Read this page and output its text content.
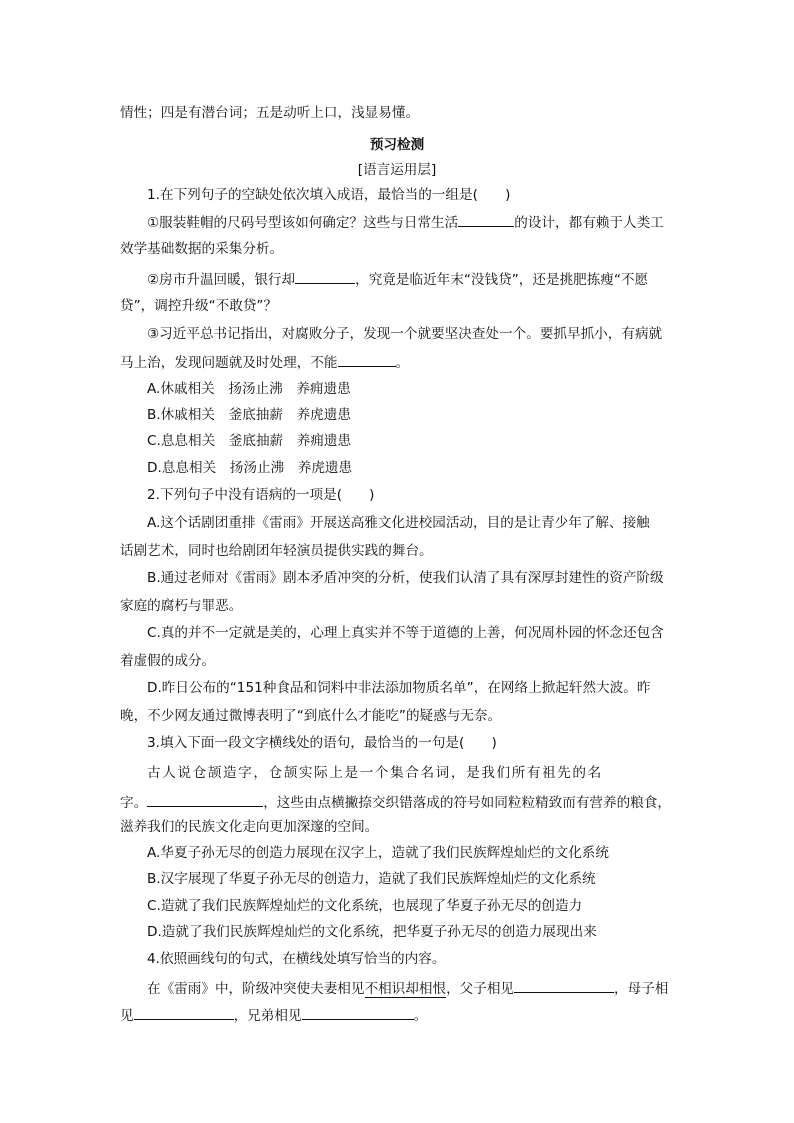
情性；四是有潜台词；五是动听上口，浅显易懂。
预习检测
[语言运用层]
1.在下列句子的空缺处依次填入成语，最恰当的一组是(　　)
①服装鞋帽的尺码号型该如何确定？这些与日常生活	的设计，都有赖于人类工
效学基础数据的采集分析。
②房市升温回暖，银行却	，究竟是临近年末“没钱贷”，还是挑肥拣瘦“不愿
贷”，调控升级“不敢贷”？
③习近平总书记指出，对腐败分子，发现一个就要坚决查处一个。要抓早抓小，有病就
马上治，发现问题就及时处理，不能	。
A.休戚相关　扬汤止沸　养痈遗患
B.休戚相关　釜底抽薪　养虎遗患
C.息息相关　釜底抽薪　养痈遗患
D.息息相关　扬汤止沸　养虎遗患
2.下列句子中没有语病的一项是(　　)
A.这个话剧团重排《雷雨》开展送高雅文化进校园活动，目的是让青少年了解、接触
话剧艺术，同时也给剧团年轻演员提供实践的舞台。
B.通过老师对《雷雨》剧本矛盾冲突的分析，使我们认清了具有深厚封建性的资产阶级
家庭的腐朽与罪恶。
C.真的并不一定就是美的，心理上真实并不等于道德的上善，何况周朴园的怀念还包含
着虚假的成分。
D.昨日公布的“151种食品和饲料中非法添加物质名单”，在网络上掀起轩然大波。昨
晚，不少网友通过微博表明了“到底什么才能吃”的疑惑与无奈。
3.填入下面一段文字横线处的语句，最恰当的一句是(　　)
古人说仓颉造字，仓颉实际上是一个集合名词，是我们所有祖先的名
字。	，这些由点横撇捺交织错落成的符号如同粒粒精致而有营养的粮食，
滋养我们的民族文化走向更加深邃的空间。
A.华夏子孙无尽的创造力展现在汉字上，造就了我们民族辉煌灿烂的文化系统
B.汉字展现了华夏子孙无尽的创造力，造就了我们民族辉煌灿烂的文化系统
C.造就了我们民族辉煌灿烂的文化系统，也展现了华夏子孙无尽的创造力
D.造就了我们民族辉煌灿烂的文化系统，把华夏子孙无尽的创造力展现出来
4.依照画线句的句式，在横线处填写恰当的内容。
在《雷雨》中，阶级冲突使夫妻相见不相识却相恨，父子相见	，母子相
见	，兄弟相见	。
